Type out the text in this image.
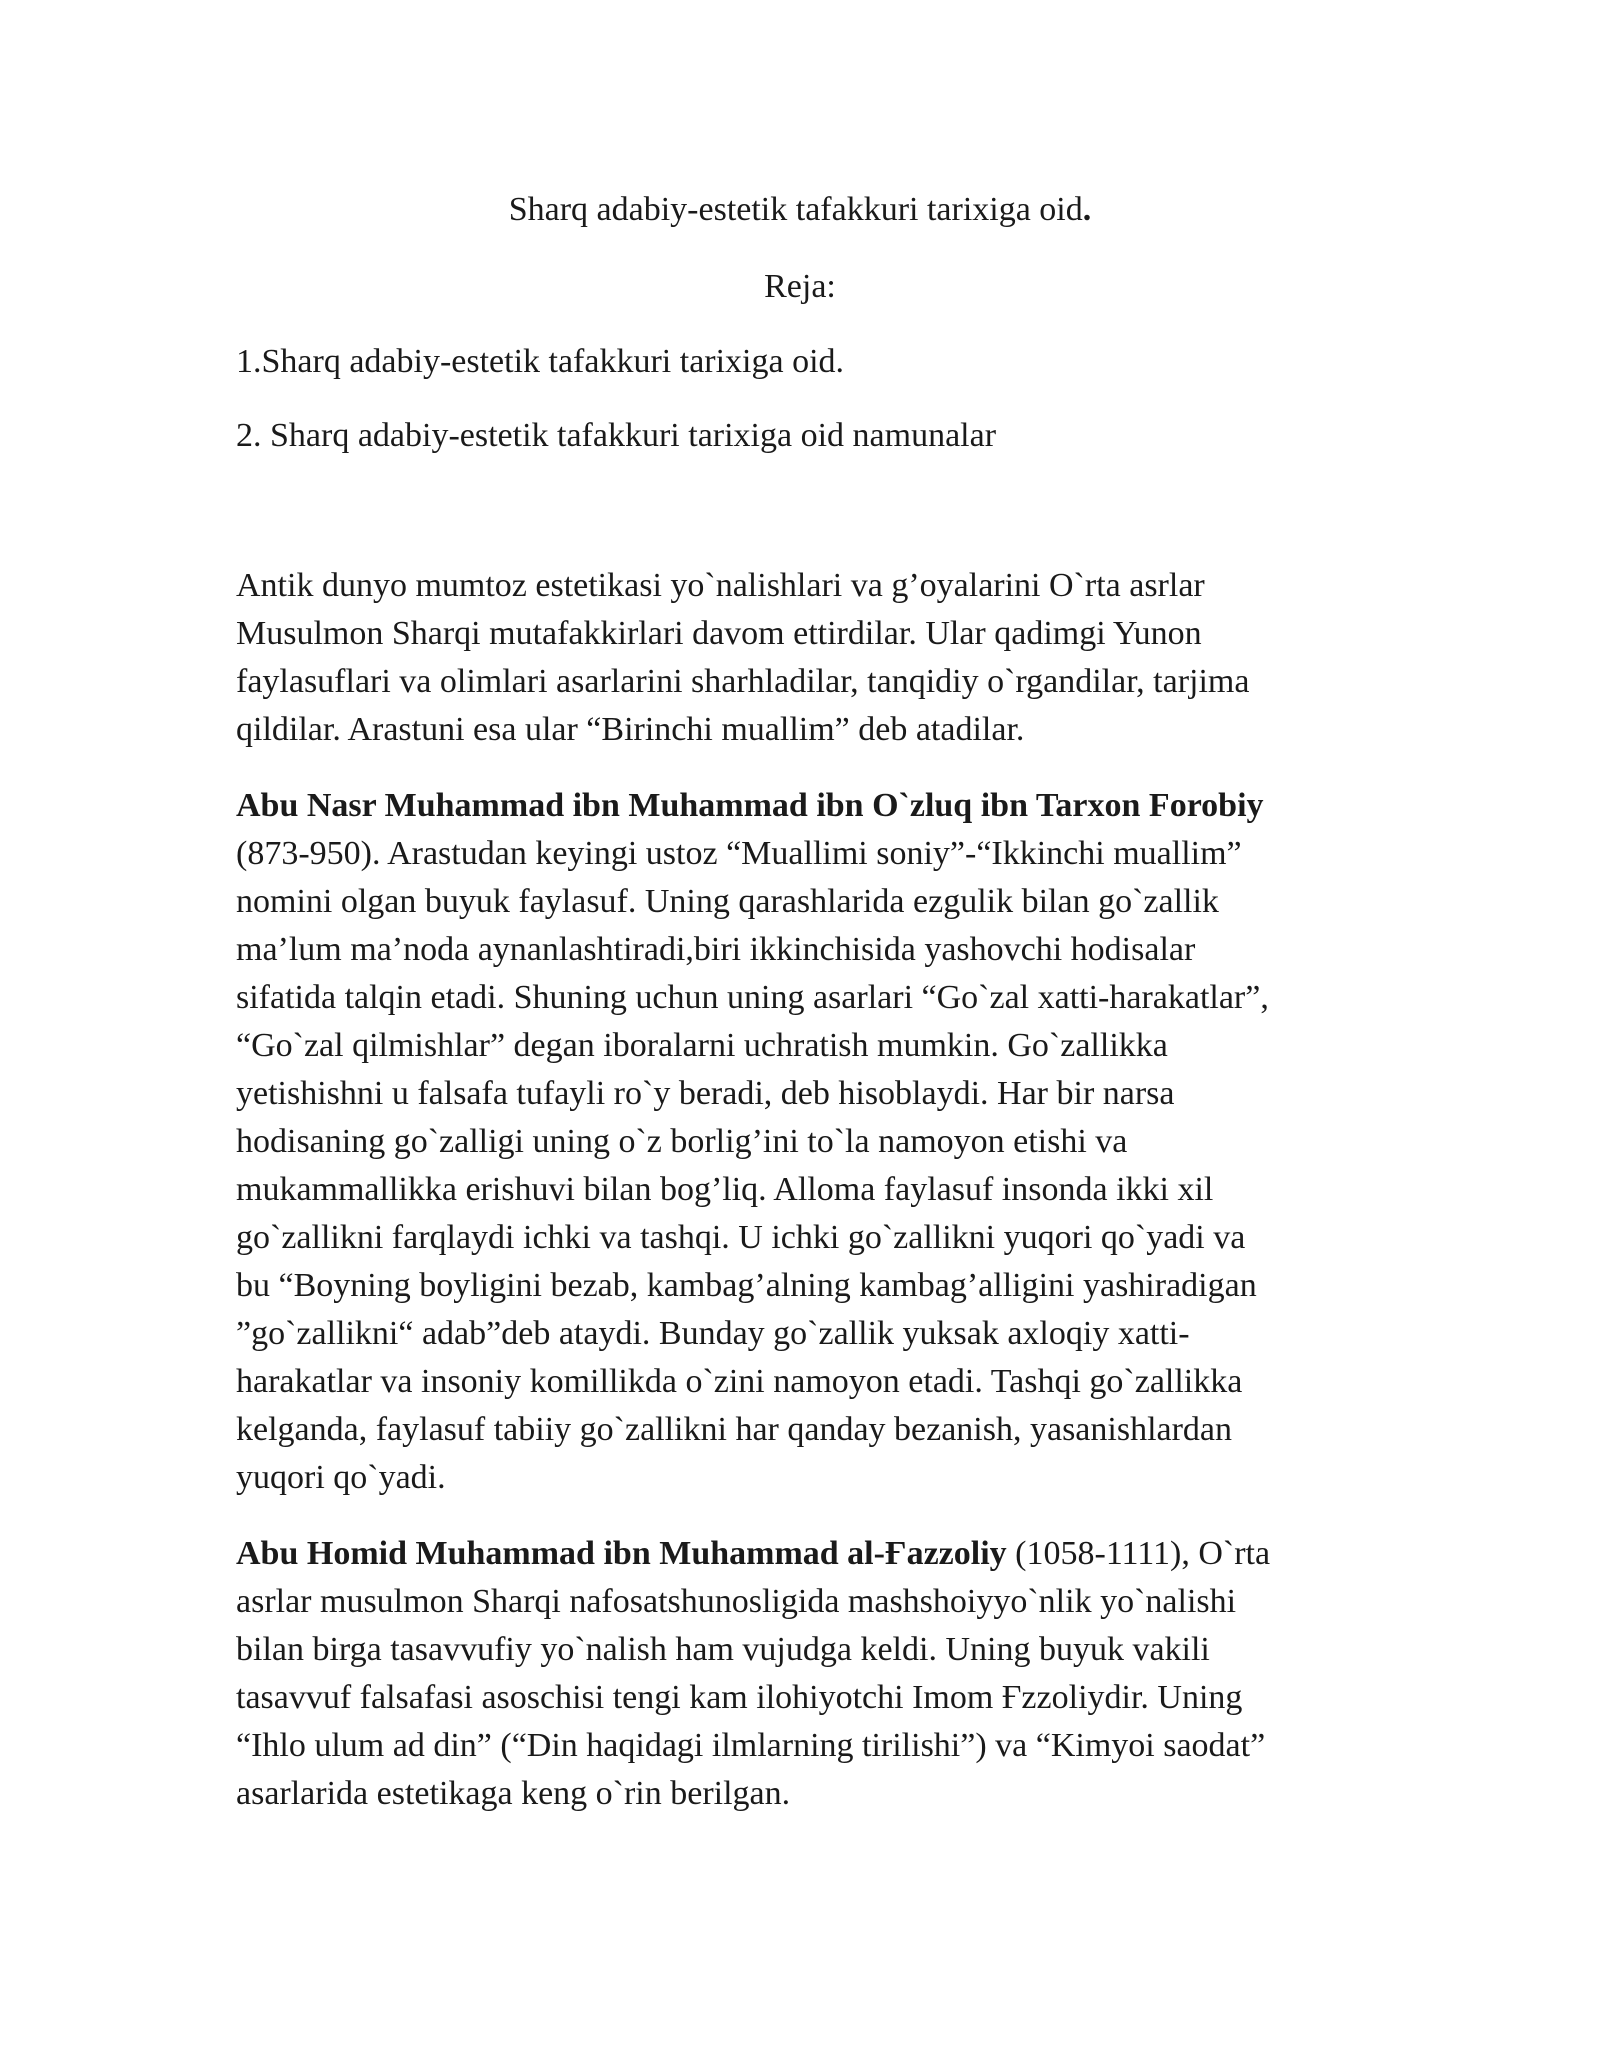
Sharq adabiy-estetik tafakkuri tarixiga oid.
Reja:
1.Sharq adabiy-estetik tafakkuri tarixiga oid.
2. Sharq adabiy-estetik tafakkuri tarixiga oid namunalar
Antik dunyo mumtoz estetikasi yo`nalishlari va g’oyalarini O`rta asrlar
Musulmon Sharqi mutafakkirlari davom ettirdilar. Ular qadimgi Yunon
faylasuflari va olimlari asarlarini sharhladilar, tanqidiy o`rgandilar, tarjima
qildilar. Arastuni esa ular “Birinchi muallim” deb atadilar.
Abu Nasr Muhammad ibn Muhammad ibn O`zluq ibn Tarxon Forobiy
(873-950). Arastudan keyingi ustoz “Muallimi soniy”-“Ikkinchi muallim”
nomini olgan buyuk faylasuf. Uning qarashlarida ezgulik bilan go`zallik
ma’lum ma’noda aynanlashtiradi,biri ikkinchisida yashovchi hodisalar
sifatida talqin etadi. Shuning uchun uning asarlari “Go`zal xatti-harakatlar”,
“Go`zal qilmishlar” degan iboralarni uchratish mumkin. Go`zallikka
yetishishni u falsafa tufayli ro`y beradi, deb hisoblaydi. Har bir narsa
hodisaning go`zalligi uning o`z borlig’ini to`la namoyon etishi va
mukammallikka erishuvi bilan bog’liq. Alloma faylasuf insonda ikki xil
go`zallikni farqlaydi ichki va tashqi. U ichki go`zallikni yuqori qo`yadi va
bu “Boyning boyligini bezab, kambag’alning kambag’alligini yashiradigan
”go`zallikni“ adab”deb ataydi. Bunday go`zallik yuksak axloqiy xatti-
harakatlar va insoniy komillikda o`zini namoyon etadi. Tashqi go`zallikka
kelganda, faylasuf tabiiy go`zallikni har qanday bezanish, yasanishlardan
yuqori qo`yadi.
Abu Homid Muhammad ibn Muhammad al-Ғazzoliy (1058-1111), O`rta
asrlar musulmon Sharqi nafosatshunosligida mashshoiyyo`nlik yo`nalishi
bilan birga tasavvufiy yo`nalish ham vujudga keldi. Uning buyuk vakili
tasavvuf falsafasi asoschisi tengi kam ilohiyotchi Imom Ғzzoliydir. Uning
“Ihlo ulum ad din” (“Din haqidagi ilmlarning tirilishi”) va “Kimyoi saodat”
asarlarida estetikaga keng o`rin berilgan.
